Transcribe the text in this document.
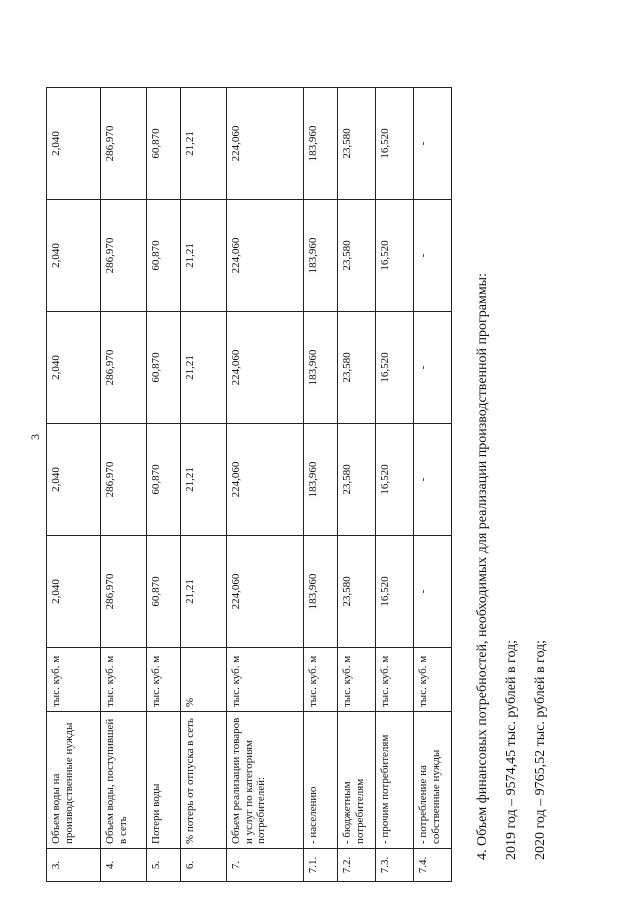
3
3.	Объем воды на производственные нужды	тыс. куб. м	2,040	2,040	2,040	2,040	2,040
4.	Объем воды, поступившей в сеть	тыс. куб. м	286,970	286,970	286,970	286,970	286,970
5.	Потери воды	тыс. куб. м	60,870	60,870	60,870	60,870	60,870
6.	% потерь от отпуска в сеть	%	21,21	21,21	21,21	21,21	21,21
7.	Объем реализации товаров и услуг по категориям потребителей:	тыс. куб. м	224,060	224,060	224,060	224,060	224,060
7.1.	- населению	тыс. куб. м	183,960	183,960	183,960	183,960	183,960
7.2.	- бюджетным потребителям	тыс. куб. м	23,580	23,580	23,580	23,580	23,580
7.3.	- прочим потребителям	тыс. куб. м	16,520	16,520	16,520	16,520	16,520
7.4.	- потребление на собственные нужды	тыс. куб. м	-	-	-	-	-
4. Объем финансовых потребностей, необходимых для реализации производственной программы:	2019 год – 9574,45 тыс. рублей в год;	2020 год – 9765,52 тыс. рублей в год;
